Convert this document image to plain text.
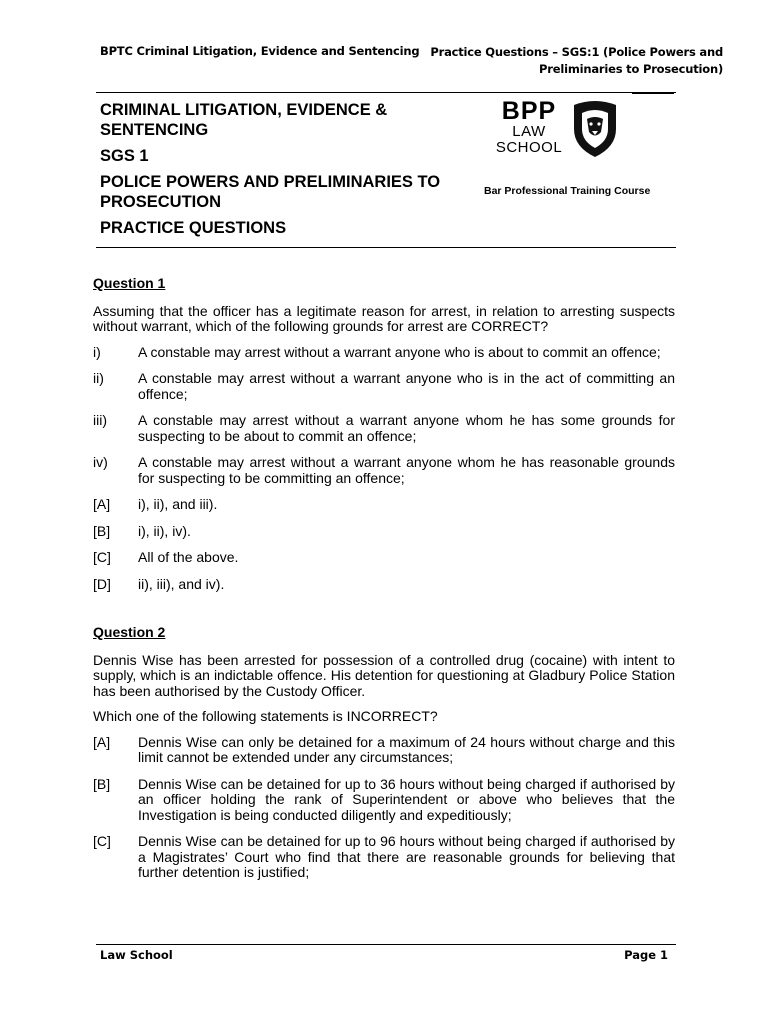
BPTC Criminal Litigation, Evidence and Sentencing Practice Questions – SGS:1 (Police Powers and
Preliminaries to Prosecution)
CRIMINAL LITIGATION, EVIDENCE & SENTENCING
SGS 1
POLICE POWERS AND PRELIMINARIES TO PROSECUTION
PRACTICE QUESTIONS
BPP
LAW
SCHOOL
Bar Professional Training Course
Question 1
Assuming that the officer has a legitimate reason for arrest, in relation to arresting suspects without warrant, which of the following grounds for arrest are CORRECT?
i)	A constable may arrest without a warrant anyone who is about to commit an offence;
ii)	A constable may arrest without a warrant anyone who is in the act of committing an offence;
iii)	A constable may arrest without a warrant anyone whom he has some grounds for suspecting to be about to commit an offence;
iv)	A constable may arrest without a warrant anyone whom he has reasonable grounds for suspecting to be committing an offence;
[A]	i), ii), and iii).
[B]	i), ii), iv).
[C]	All of the above.
[D]	ii), iii), and iv).
Question 2
Dennis Wise has been arrested for possession of a controlled drug (cocaine) with intent to supply, which is an indictable offence. His detention for questioning at Gladbury Police Station has been authorised by the Custody Officer.
Which one of the following statements is INCORRECT?
[A]	Dennis Wise can only be detained for a maximum of 24 hours without charge and this limit cannot be extended under any circumstances;
[B]	Dennis Wise can be detained for up to 36 hours without being charged if authorised by an officer holding the rank of Superintendent or above who believes that the Investigation is being conducted diligently and expeditiously;
[C]	Dennis Wise can be detained for up to 96 hours without being charged if authorised by a Magistrates’ Court who find that there are reasonable grounds for believing that further detention is justified;
Law School	Page 1
